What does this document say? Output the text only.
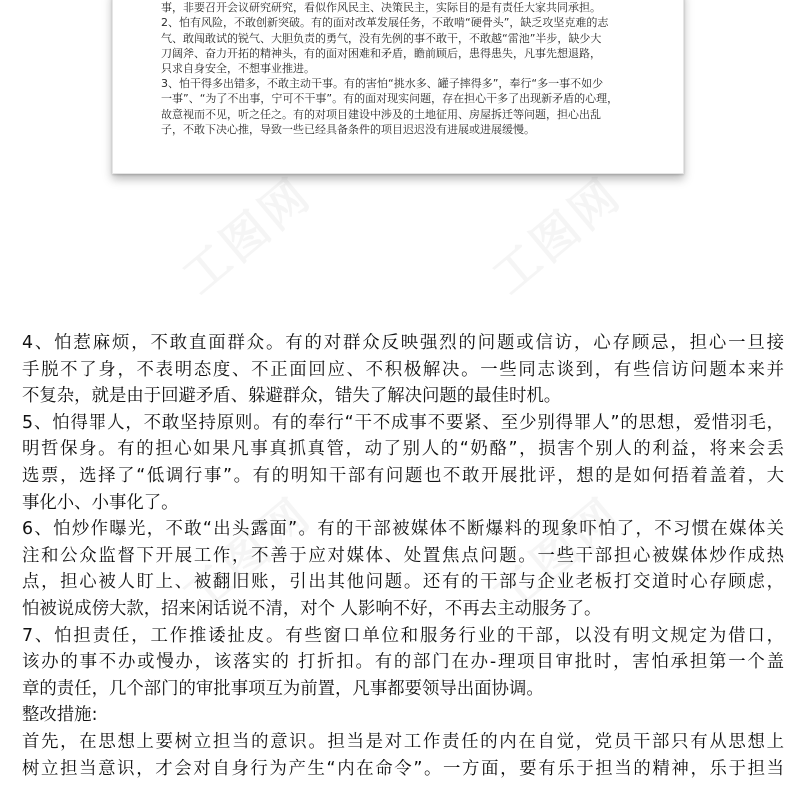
工图网	工图网
工图网	工图网

事，非要召开会议研究研究，看似作风民主、决策民主，实际目的是有责任大家共同承担。

2、怕有风险，不敢创新突破。有的面对改革发展任务，不敢啃“硬骨头”，缺乏攻坚克难的志

气、敢闯敢试的锐气、大胆负责的勇气，没有先例的事不敢干，不敢越“雷池”半步，缺少大

刀阔斧、奋力开拓的精神头，有的面对困难和矛盾，瞻前顾后，患得患失，凡事先想退路，

只求自身安全，不想事业推进。

3、怕干得多出错多，不敢主动干事。有的害怕“挑水多、罐子摔得多”，奉行“多一事不如少

一事”、“为了不出事，宁可不干事”。有的面对现实问题，存在担心干多了出现新矛盾的心理，

故意视而不见，听之任之。有的对项目建设中涉及的土地征用、房屋拆迁等问题，担心出乱

子，不敢下决心推，导致一些已经具备条件的项目迟迟没有进展或进展缓慢。

4、怕惹麻烦，不敢直面群众。有的对群众反映强烈的问题或信访，心存顾忌，担心一旦接

手脱不了身，不表明态度、不正面回应、不积极解决。一些同志谈到，有些信访问题本来并

不复杂，就是由于回避矛盾、躲避群众，错失了解决问题的最佳时机。

5、怕得罪人，不敢坚持原则。有的奉行“干不成事不要紧、至少别得罪人”的思想，爱惜羽毛，

明哲保身。有的担心如果凡事真抓真管，动了别人的“奶酪”，损害个别人的利益，将来会丢

选票，选择了“低调行事”。有的明知干部有问题也不敢开展批评，想的是如何捂着盖着，大

事化小、小事化了。

6、怕炒作曝光，不敢“出头露面”。有的干部被媒体不断爆料的现象吓怕了，不习惯在媒体关

注和公众监督下开展工作，不善于应对媒体、处置焦点问题。一些干部担心被媒体炒作成热

点，担心被人盯上、被翻旧账，引出其他问题。还有的干部与企业老板打交道时心存顾虑，

怕被说成傍大款，招来闲话说不清，对个 人影响不好，不再去主动服务了。

7、怕担责任，工作推诿扯皮。有些窗口单位和服务行业的干部，以没有明文规定为借口，

该办的事不办或慢办，该落实的 打折扣。有的部门在办-理项目审批时，害怕承担第一个盖

章的责任，几个部门的审批事项互为前置，凡事都要领导出面协调。

整改措施:

首先，在思想上要树立担当的意识。担当是对工作责任的内在自觉，党员干部只有从思想上

树立担当意识，才会对自身行为产生“内在命令”。一方面，要有乐于担当的精神，乐于担当
